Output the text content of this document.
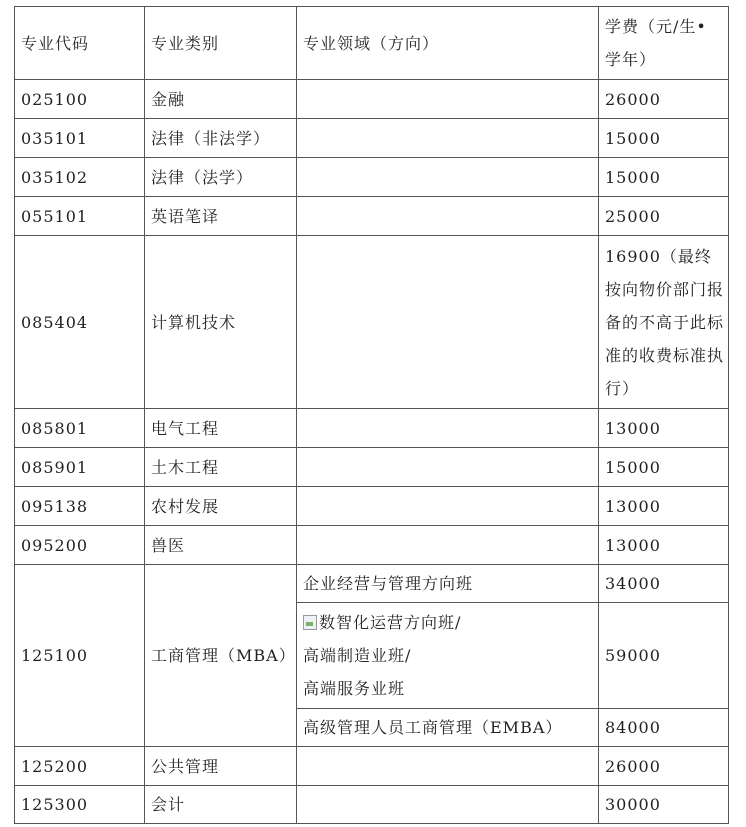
专业代码	专业类别	专业领域（方向）	学费（元/生•
学年）

025100	金融		26000
035101	法律（非法学）		15000
035102	法律（法学）		15000
055101	英语笔译		25000
085404	计算机技术		16900（最终按向物价部门报备的不高于此标准的收费标准执行）

085801	电气工程		13000
085901	土木工程		15000
095138	农村发展		13000
095200	兽医		13000
125100	工商管理（MBA）	企业经营与管理方向班	34000

		数智化运营方向班/
高端制造业班/
高端服务业班	59000
		高级管理人员工商管理（EMBA）	84000
125200	公共管理		26000
125300	会计		30000
